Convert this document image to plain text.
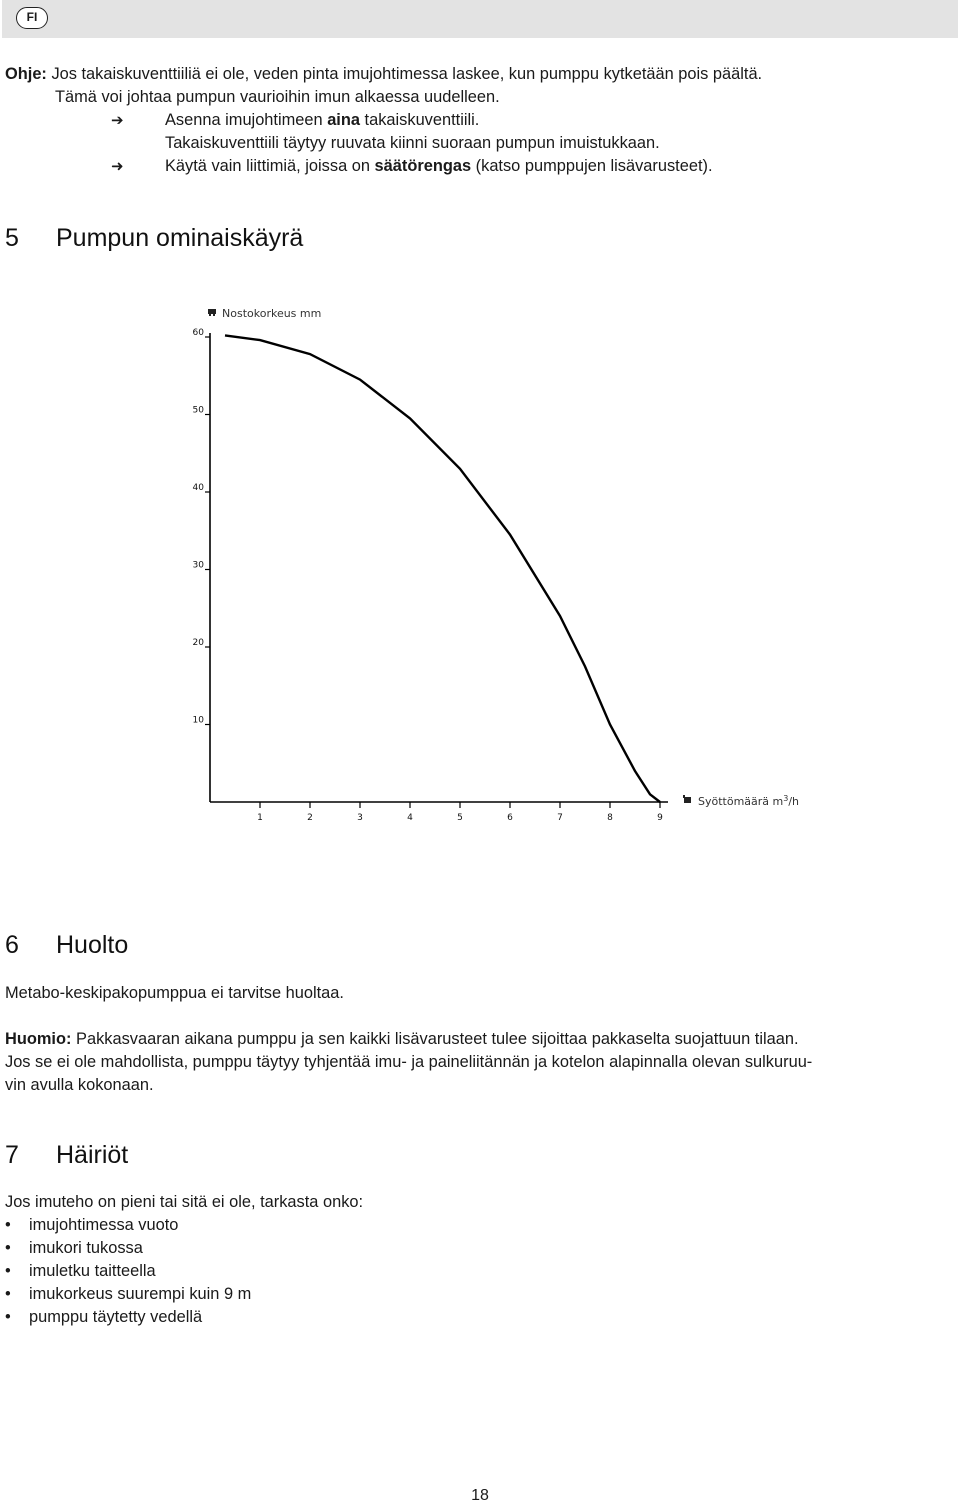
FI

Ohje: Jos takaiskuventtiiliä ei ole, veden pinta imujohtimessa laskee, kun pumppu kytketään pois päältä.

Tämä voi johtaa pumpun vaurioihin imun alkaessa uudelleen.

➔	Asenna imujohtimeen aina takaiskuventtiili.

Takaiskuventtiili täytyy ruuvata kiinni suoraan pumpun imuistukkaan.

➜	Käytä vain liittimiä, joissa on säätörengas (katso pumppujen lisävarusteet).

5 Pumpun ominaiskäyrä
10
20
30
40
50
60
1	2	3	4	5	6	7	8	9
Nostokorkeus mm
Syöttömäärä $m^3/h$
6 Huolto

Metabo-keskipakopumppua ei tarvitse huoltaa.

Huomio: Pakkasvaaran aikana pumppu ja sen kaikki lisävarusteet tulee sijoittaa pakkaselta suojattuun tilaan.

Jos se ei ole mahdollista, pumppu täytyy tyhjentää imu- ja paineliitännän ja kotelon alapinnalla olevan sulkuruu-

vin avulla kokonaan.

7 Häiriöt

Jos imuteho on pieni tai sitä ei ole, tarkasta onko:

• imujohtimessa vuoto
• imukori tukossa
• imuletku taitteella
• imukorkeus suurempi kuin 9 m
• pumppu täytetty vedellä
18
